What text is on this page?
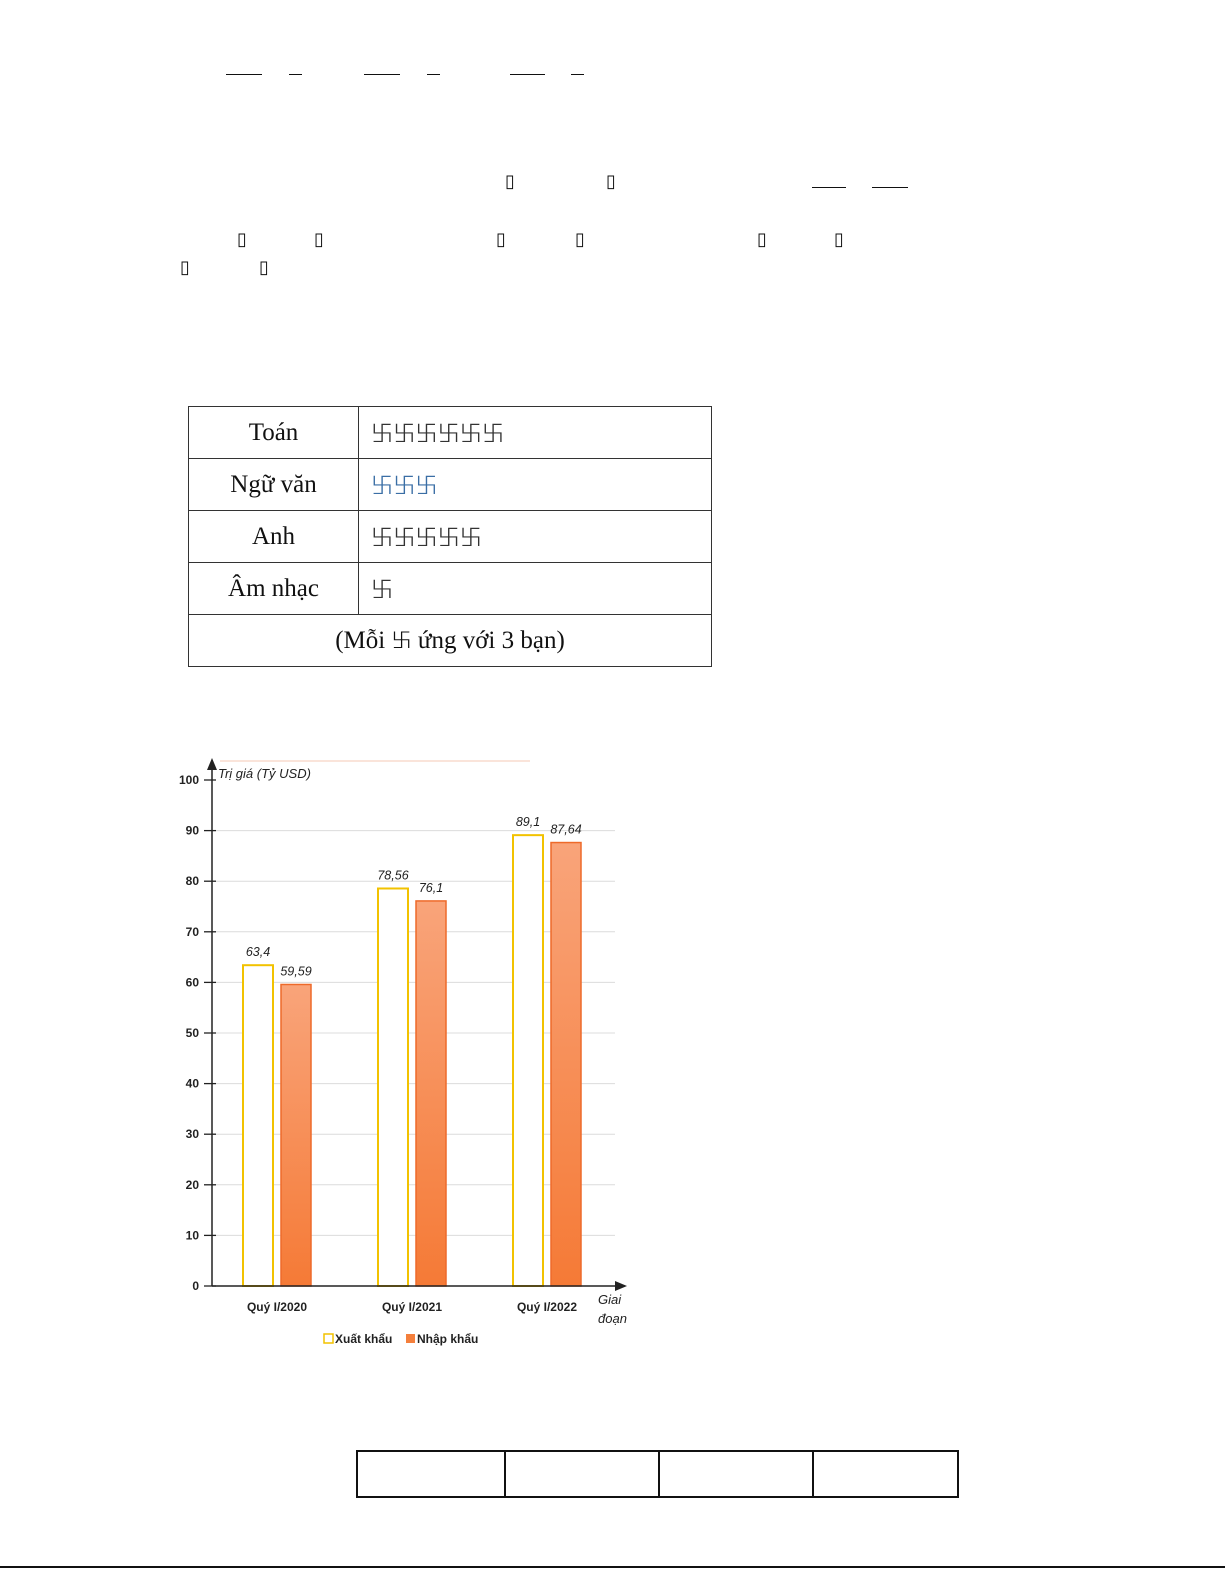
▯	▯
▯	▯	▯	▯	▯	▯
▯	▯
Toán	࿕࿕࿕࿕࿕࿕
Ngữ văn	࿕࿕࿕
Anh	࿕࿕࿕࿕࿕
Âm nhạc	࿕
(Mỗi ࿕ ứng với 3 bạn)	
63,4
59,59
78,56
76,1
89,1
87,64
0
10
20
30
40
50
60
70
80
90
100
Quý I/2020	Quý I/2021	Quý I/2022
Trị giá (Tỷ USD)
Giai
đoạn
Xuất khẩu Nhập khẩu
